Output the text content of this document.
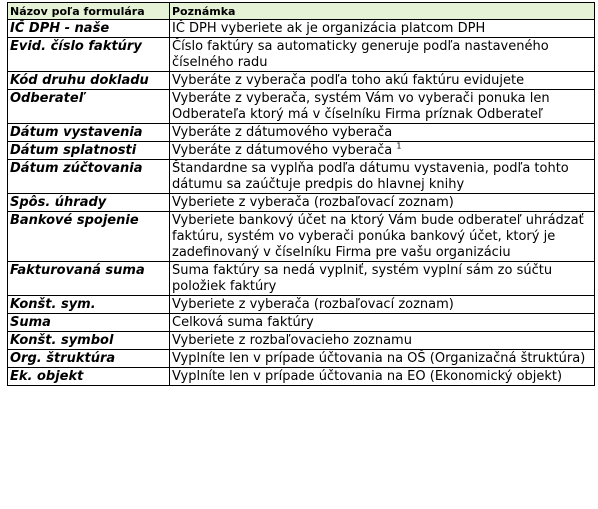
Názov poľa formulára	Poznámka
IČ DPH - naše	IČ DPH vyberiete ak je organizácia platcom DPH
Evid. číslo faktúry	Číslo faktúry sa automaticky generuje podľa nastaveného číselného radu
Kód druhu dokladu	Vyberáte z vyberača podľa toho akú faktúru evidujete
Odberateľ	Vyberáte z vyberača, systém Vám vo vyberači ponuka len Odberateľa ktorý má v číselníku Firma príznak Odberateľ
Dátum vystavenia	Vyberáte z dátumového vyberača
Dátum splatnosti	Vyberáte z dátumového vyberača $^1$
Dátum zúčtovania	Štandardne sa vyplňa podľa dátumu vystavenia, podľa tohto dátumu sa zaúčtuje predpis do hlavnej knihy
Spôs. úhrady	Vyberiete z vyberača (rozbaľovací zoznam)
Bankové spojenie	Vyberiete bankový účet na ktorý Vám bude odberateľ uhrádzať faktúru, systém vo vyberači ponúka bankový účet, ktorý je zadefinovaný v číselníku Firma pre vašu organizáciu
Fakturovaná suma	Suma faktúry sa nedá vyplniť, systém vyplní sám zo súčtu položiek faktúry
Konšt. sym.	Vyberiete z vyberača (rozbaľovací zoznam)
Suma	Celková suma faktúry
Konšt. symbol	Vyberiete z rozbaľovacieho zoznamu
Org. štruktúra	Vyplníte len v prípade účtovania na OŠ (Organizačná štruktúra)
Ek. objekt	Vyplníte len v prípade účtovania na EO (Ekonomický objekt)
